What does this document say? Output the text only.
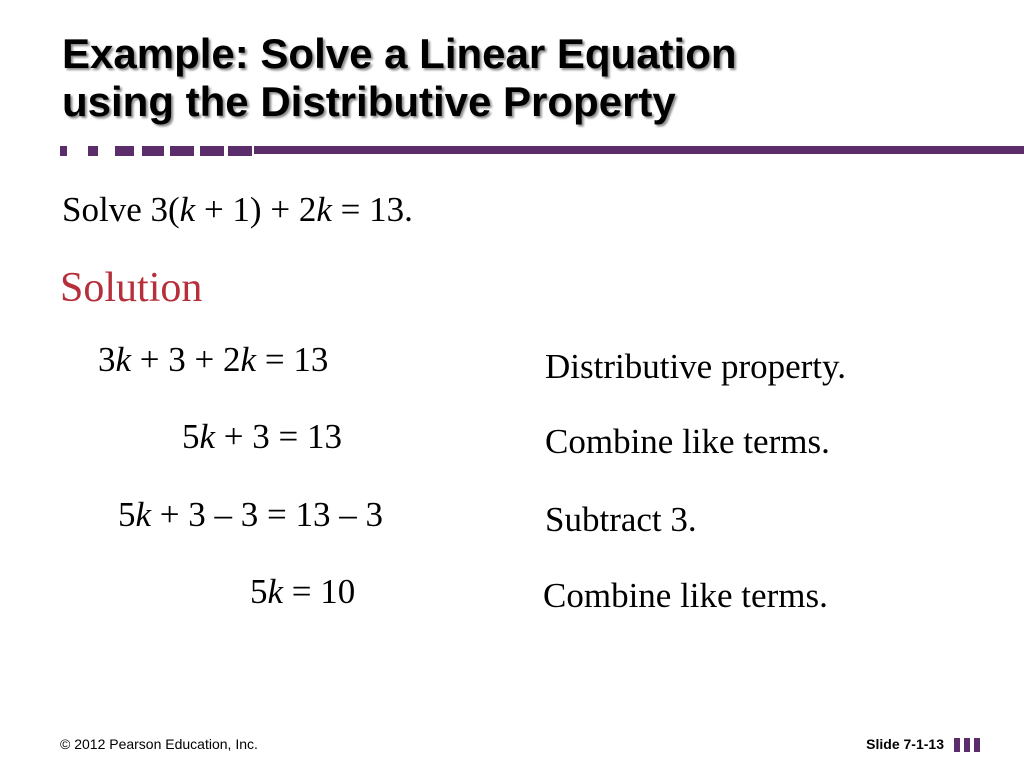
Example: Solve a Linear Equation
using the Distributive Property
Solve 3(k + 1) + 2k = 13.
Solution
3k + 3 + 2k = 13	Distributive property.
5k + 3 = 13	Combine like terms.
5k + 3 – 3 = 13 – 3	Subtract 3.
5k = 10	Combine like terms.
© 2012 Pearson Education, Inc.	Slide 7-1-13
